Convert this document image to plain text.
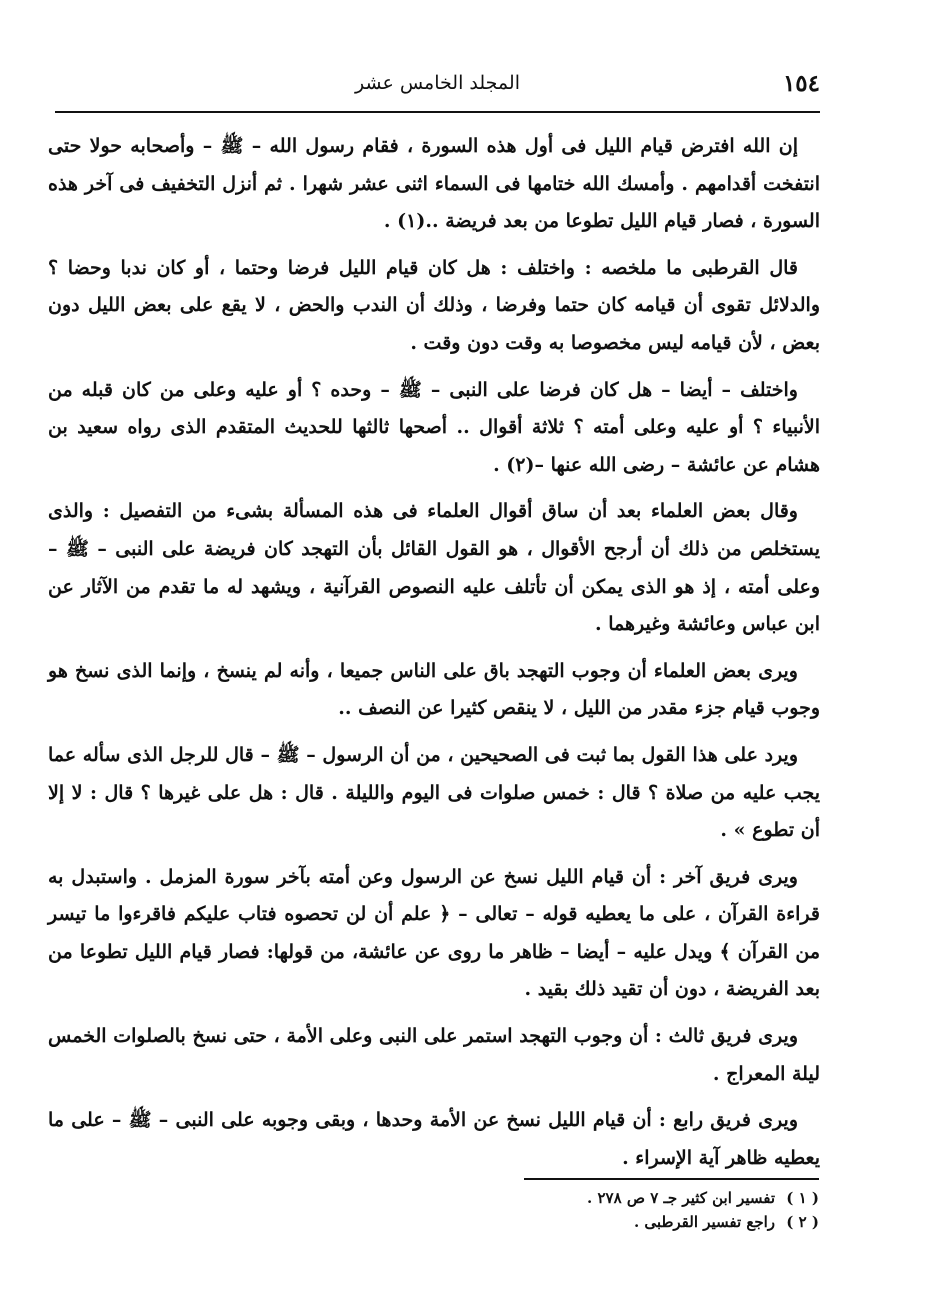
١٥٤
المجلد الخامس عشر

إن الله افترض قيام الليل فى أول هذه السورة ، فقام رسول الله – ﷺ – وأصحابه حولا حتى انتفخت أقدامهم . وأمسك الله ختامها فى السماء اثنى عشر شهرا . ثم أنزل التخفيف فى آخر هذه السورة ، فصار قيام الليل تطوعا من بعد فريضة ..(١) .

قال القرطبى ما ملخصه : واختلف : هل كان قيام الليل فرضا وحتما ، أو كان ندبا وحضا ؟ والدلائل تقوى أن قيامه كان حتما وفرضا ، وذلك أن الندب والحض ، لا يقع على بعض الليل دون بعض ، لأن قيامه ليس مخصوصا به وقت دون وقت .

واختلف – أيضا – هل كان فرضا على النبى – ﷺ – وحده ؟ أو عليه وعلى من كان قبله من الأنبياء ؟ أو عليه وعلى أمته ؟ ثلاثة أقوال .. أصحها ثالثها للحديث المتقدم الذى رواه سعيد بن هشام عن عائشة – رضى الله عنها –(٢) .

وقال بعض العلماء بعد أن ساق أقوال العلماء فى هذه المسألة بشىء من التفصيل : والذى يستخلص من ذلك أن أرجح الأقوال ، هو القول القائل بأن التهجد كان فريضة على النبى – ﷺ – وعلى أمته ، إذ هو الذى يمكن أن تأتلف عليه النصوص القرآنية ، ويشهد له ما تقدم من الآثار عن ابن عباس وعائشة وغيرهما .

ويرى بعض العلماء أن وجوب التهجد باق على الناس جميعا ، وأنه لم ينسخ ، وإنما الذى نسخ هو وجوب قيام جزء مقدر من الليل ، لا ينقص كثيرا عن النصف ..

ويرد على هذا القول بما ثبت فى الصحيحين ، من أن الرسول – ﷺ – قال للرجل الذى سأله عما يجب عليه من صلاة ؟ قال : خمس صلوات فى اليوم والليلة . قال : هل على غيرها ؟ قال : لا إلا أن تطوع » .

ويرى فريق آخر : أن قيام الليل نسخ عن الرسول وعن أمته بآخر سورة المزمل . واستبدل به قراءة القرآن ، على ما يعطيه قوله – تعالى – ﴿ علم أن لن تحصوه فتاب عليكم فاقرءوا ما تيسر من القرآن ﴾ ويدل عليه – أيضا – ظاهر ما روى عن عائشة، من قولها: فصار قيام الليل تطوعا من بعد الفريضة ، دون أن تقيد ذلك بقيد .

ويرى فريق ثالث : أن وجوب التهجد استمر على النبى وعلى الأمة ، حتى نسخ بالصلوات الخمس ليلة المعراج .

ويرى فريق رابع : أن قيام الليل نسخ عن الأمة وحدها ، وبقى وجوبه على النبى – ﷺ – على ما يعطيه ظاهر آية الإسراء .

( ١ ) تفسير ابن كثير جـ ٧ ص ٢٧٨ .
( ٢ ) راجع تفسير القرطبى .
